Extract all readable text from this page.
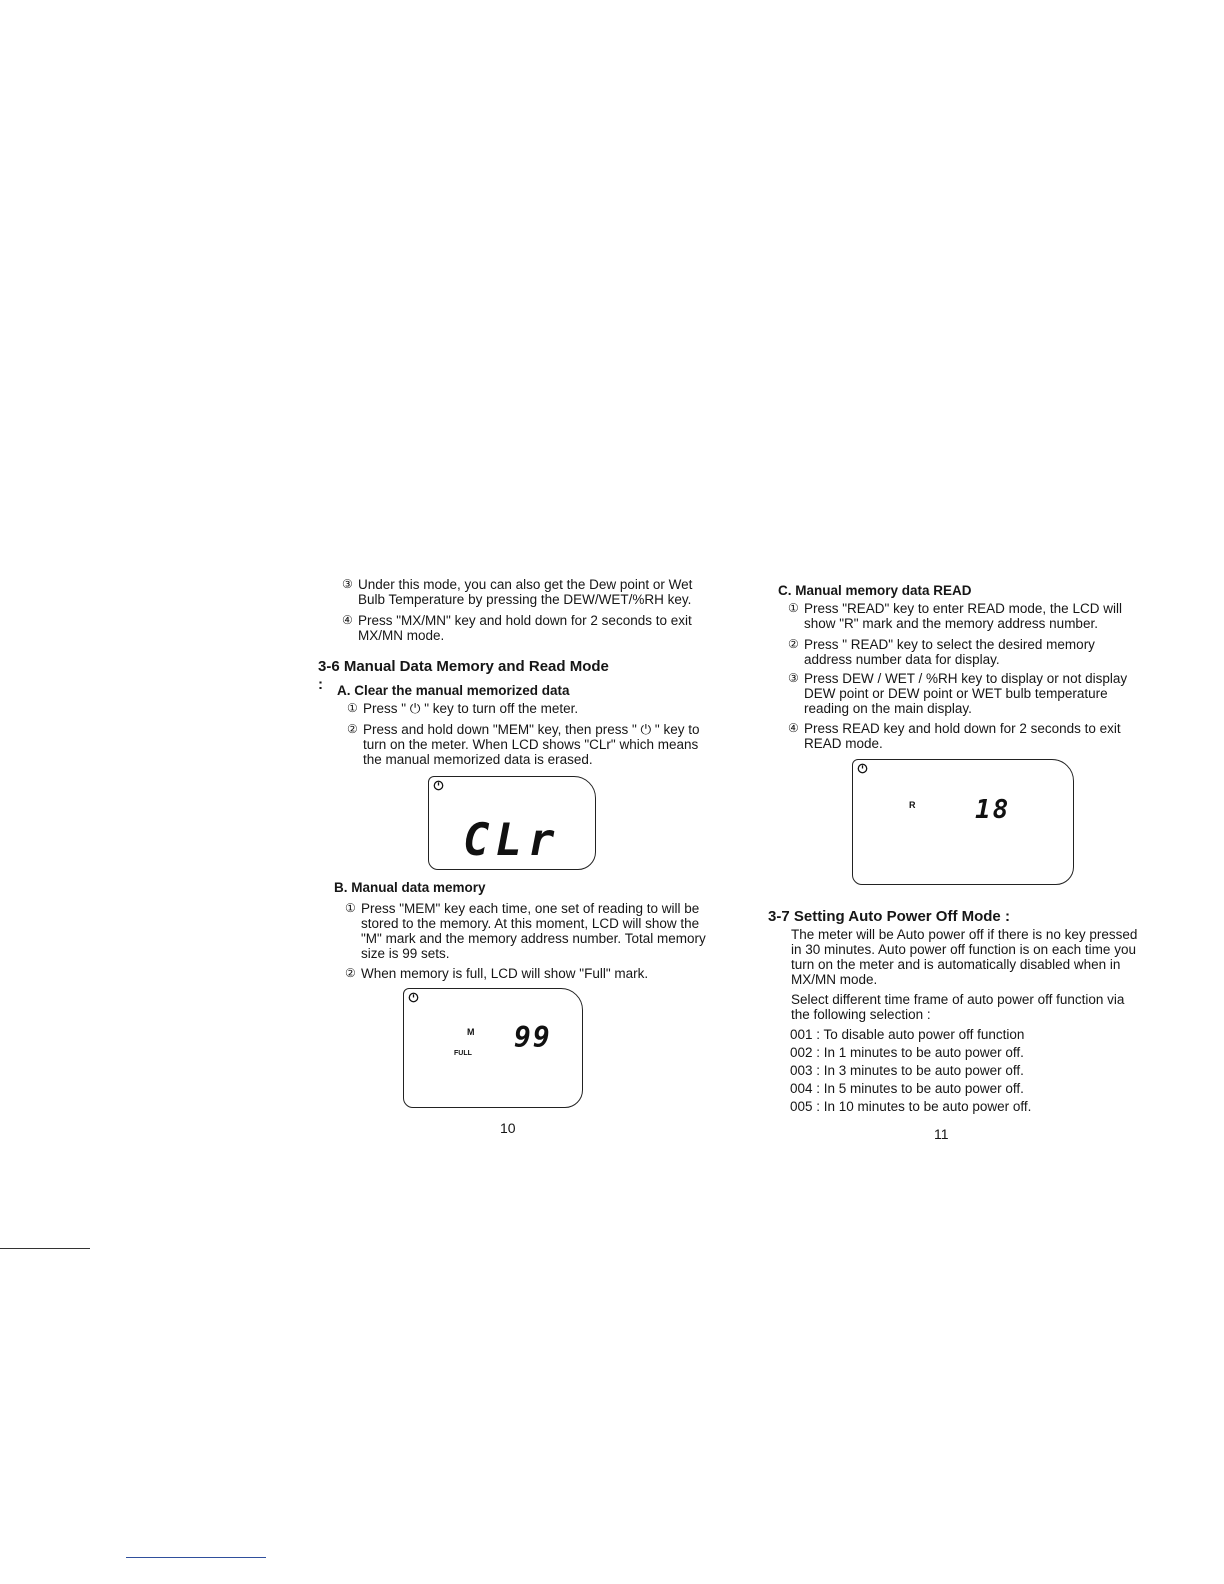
③ Under this mode, you can also get the Dew point or Wet Bulb Temperature by pressing the DEW/WET/%RH key.
④ Press "MX/MN" key and hold down for 2 seconds to exit MX/MN mode.
3-6 Manual Data Memory and Read Mode :	A. Clear the manual memorized data
① Press " ⏻ " key to turn off the meter.
② Press and hold down "MEM" key, then press " ⏻ " key to turn on the meter. When LCD shows "CLr" which means the manual memorized data is erased.
CLr
B. Manual data memory
① Press "MEM" key each time, one set of reading to will be stored to the memory. At this moment, LCD will show the "M" mark and the memory address number. Total memory size is 99 sets.
② When memory is full, LCD will show "Full" mark.
M
FULL 99
10
C. Manual memory data READ
① Press "READ" key to enter READ mode, the LCD will show "R" mark and the memory address number.
② Press " READ" key to select the desired memory address number data for display.
③ Press DEW / WET / %RH key to display or not display DEW point or DEW point or WET bulb temperature reading on the main display.
④ Press READ key and hold down for 2 seconds to exit READ mode.
R 18
3-7 Setting Auto Power Off Mode :

The meter will be Auto power off if there is no key pressed in 30 minutes. Auto power off function is on each time you turn on the meter and is automatically disabled when in MX/MN mode.

Select different time frame of auto power off function via the following selection :

001 : To disable auto power off function

002 : In 1 minutes to be auto power off.

003 : In 3 minutes to be auto power off.

004 : In 5 minutes to be auto power off.

005 : In 10 minutes to be auto power off.

11
